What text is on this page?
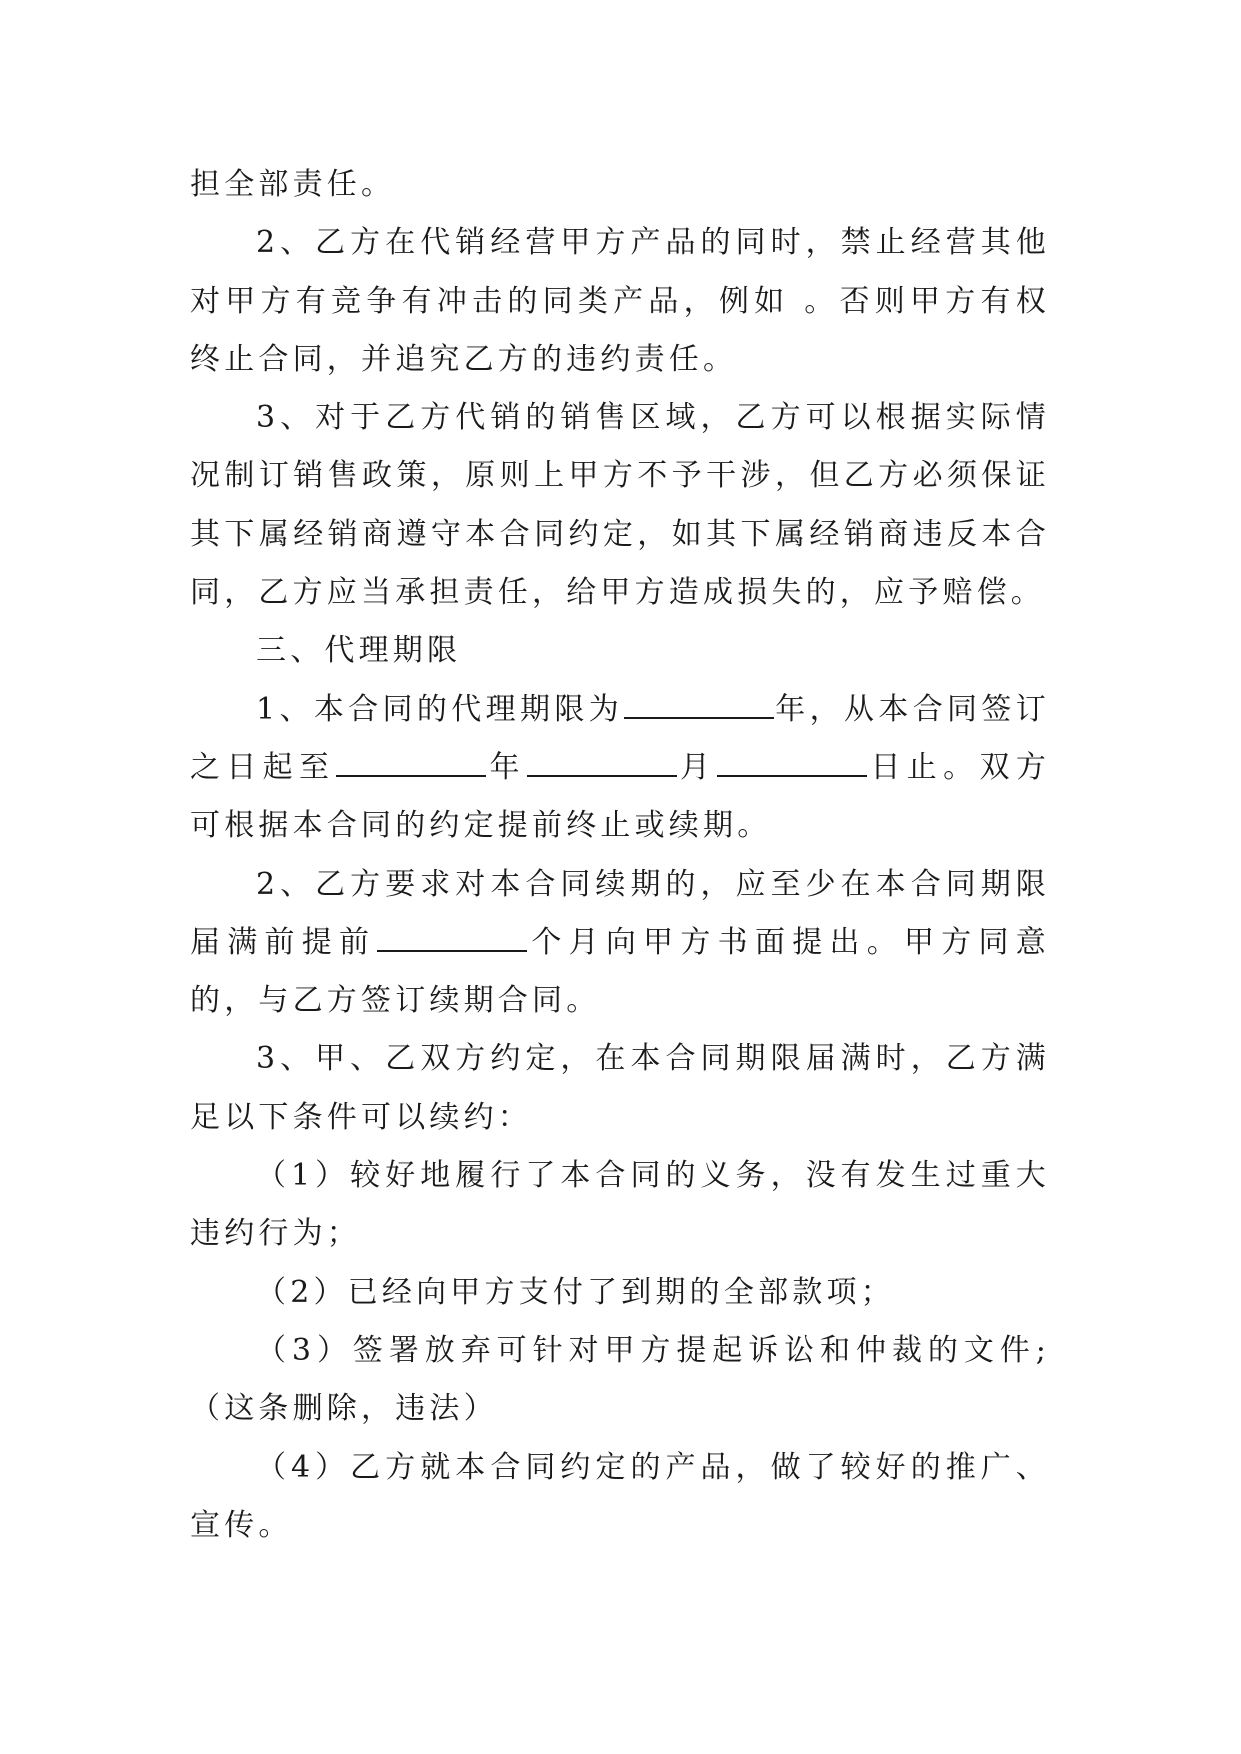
担全部责任。

2、乙方在代销经营甲方产品的同时，禁止经营其他对甲方有竞争有冲击的同类产品，例如 。否则甲方有权终止合同，并追究乙方的违约责任。

3、对于乙方代销的销售区域，乙方可以根据实际情况制订销售政策，原则上甲方不予干涉，但乙方必须保证其下属经销商遵守本合同约定，如其下属经销商违反本合同，乙方应当承担责任，给甲方造成损失的，应予赔偿。

三、代理期限

1、本合同的代理期限为	年，从本合同签订之日起至	年	月	日止。双方可根据本合同的约定提前终止或续期。

2、乙方要求对本合同续期的，应至少在本合同期限届满前提前	个月向甲方书面提出。甲方同意的，与乙方签订续期合同。

3、甲、乙双方约定，在本合同期限届满时，乙方满足以下条件可以续约：

（1）较好地履行了本合同的义务，没有发生过重大违约行为；

（2）已经向甲方支付了到期的全部款项；

（3）签署放弃可针对甲方提起诉讼和仲裁的文件;（这条删除，违法）

（4）乙方就本合同约定的产品，做了较好的推广、宣传。
